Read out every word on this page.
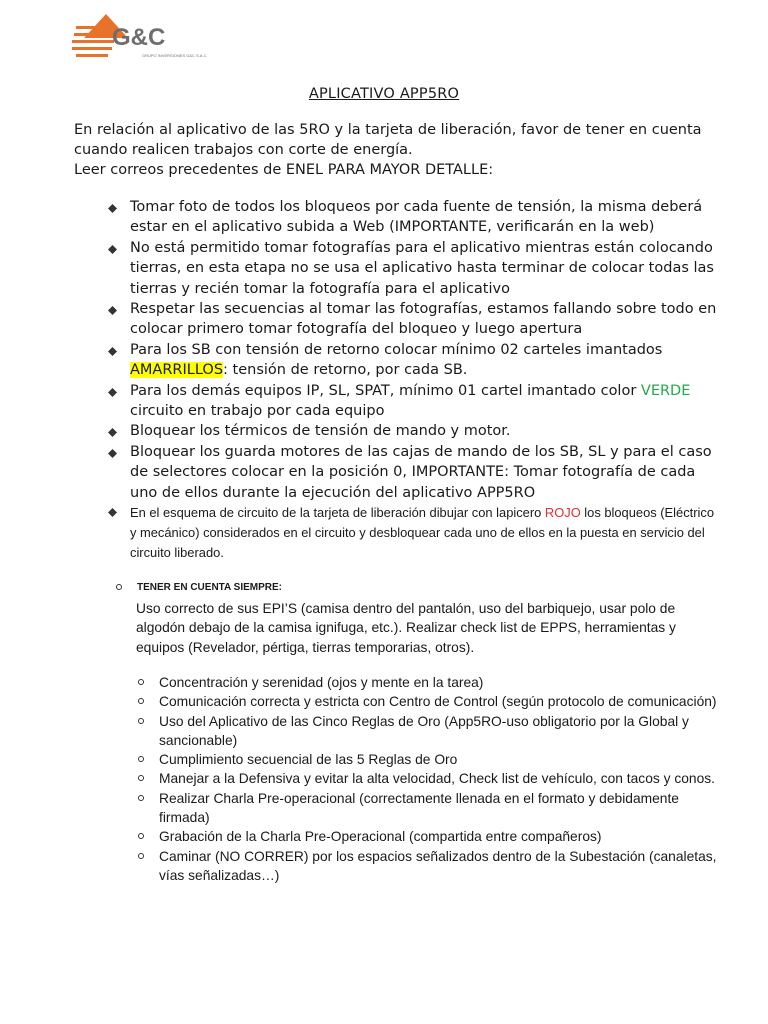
G&C
GRUPO INVERSIONES G&C S.A.C.
APLICATIVO APP5RO

En relación al aplicativo de las 5RO y la tarjeta de liberación, favor de tener en cuenta cuando realicen trabajos con corte de energía.

Leer correos precedentes de ENEL PARA MAYOR DETALLE:

Tomar foto de todos los bloqueos por cada fuente de tensión, la misma deberá estar en el aplicativo subida a Web (IMPORTANTE, verificarán en la web)
No está permitido tomar fotografías para el aplicativo mientras están colocando tierras, en esta etapa no se usa el aplicativo hasta terminar de colocar todas las tierras y recién tomar la fotografía para el aplicativo
Respetar las secuencias al tomar las fotografías, estamos fallando sobre todo en colocar primero tomar fotografía del bloqueo y luego apertura
Para los SB con tensión de retorno colocar mínimo 02 carteles imantados
AMARRILLOS: tensión de retorno, por cada SB.
Para los demás equipos IP, SL, SPAT, mínimo 01 cartel imantado color VERDE
circuito en trabajo por cada equipo
Bloquear los térmicos de tensión de mando y motor.
Bloquear los guarda motores de las cajas de mando de los SB, SL y para el caso de selectores colocar en la posición 0, IMPORTANTE: Tomar fotografía de cada uno de ellos durante la ejecución del aplicativo APP5RO
En el esquema de circuito de la tarjeta de liberación dibujar con lapicero ROJO los bloqueos (Eléctrico y mecánico) considerados en el circuito y desbloquear cada uno de ellos en la puesta en servicio del circuito liberado.
TENER EN CUENTA SIEMPRE:
Uso correcto de sus EPI’S (camisa dentro del pantalón, uso del barbiquejo, usar polo de algodón debajo de la camisa ignifuga, etc.). Realizar check list de EPPS, herramientas y equipos (Revelador, pértiga, tierras temporarias, otros).
Concentración y serenidad (ojos y mente en la tarea)
Comunicación correcta y estricta con Centro de Control (según protocolo de comunicación)
Uso del Aplicativo de las Cinco Reglas de Oro (App5RO-uso obligatorio por la Global y sancionable)
Cumplimiento secuencial de las 5 Reglas de Oro
Manejar a la Defensiva y evitar la alta velocidad, Check list de vehículo, con tacos y conos.
Realizar Charla Pre-operacional (correctamente llenada en el formato y debidamente firmada)
Grabación de la Charla Pre-Operacional (compartida entre compañeros)
Caminar (NO CORRER) por los espacios señalizados dentro de la Subestación (canaletas, vías señalizadas…)
